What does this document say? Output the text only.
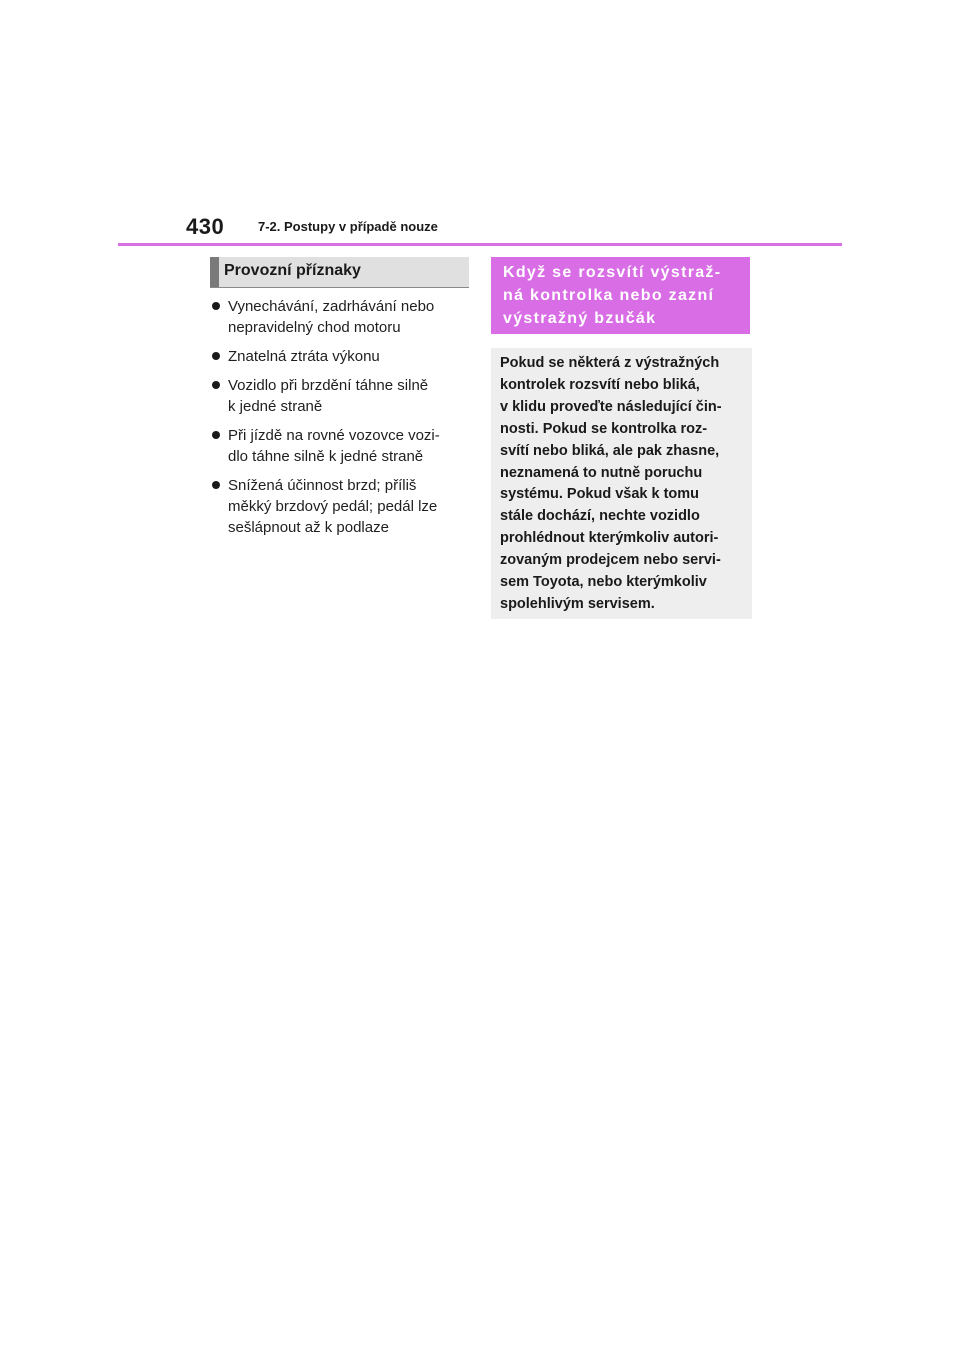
430	7-2. Postupy v případě nouze
Provozní příznaky
Vynechávání, zadrhávání nebo
nepravidelný chod motoru
Znatelná ztráta výkonu
Vozidlo při brzdění táhne silně
k jedné straně
Při jízdě na rovné vozovce vozi-
dlo táhne silně k jedné straně
Snížená účinnost brzd; příliš
měkký brzdový pedál; pedál lze
sešlápnout až k podlaze
Když se rozsvítí výstraž-
ná kontrolka nebo zazní
výstražný bzučák
Pokud se některá z výstražných
kontrolek rozsvítí nebo bliká,
v klidu proveďte následující čin-
nosti. Pokud se kontrolka roz-
svítí nebo bliká, ale pak zhasne,
neznamená to nutně poruchu
systému. Pokud však k tomu
stále dochází, nechte vozidlo
prohlédnout kterýmkoliv autori-
zovaným prodejcem nebo servi-
sem Toyota, nebo kterýmkoliv
spolehlivým servisem.
